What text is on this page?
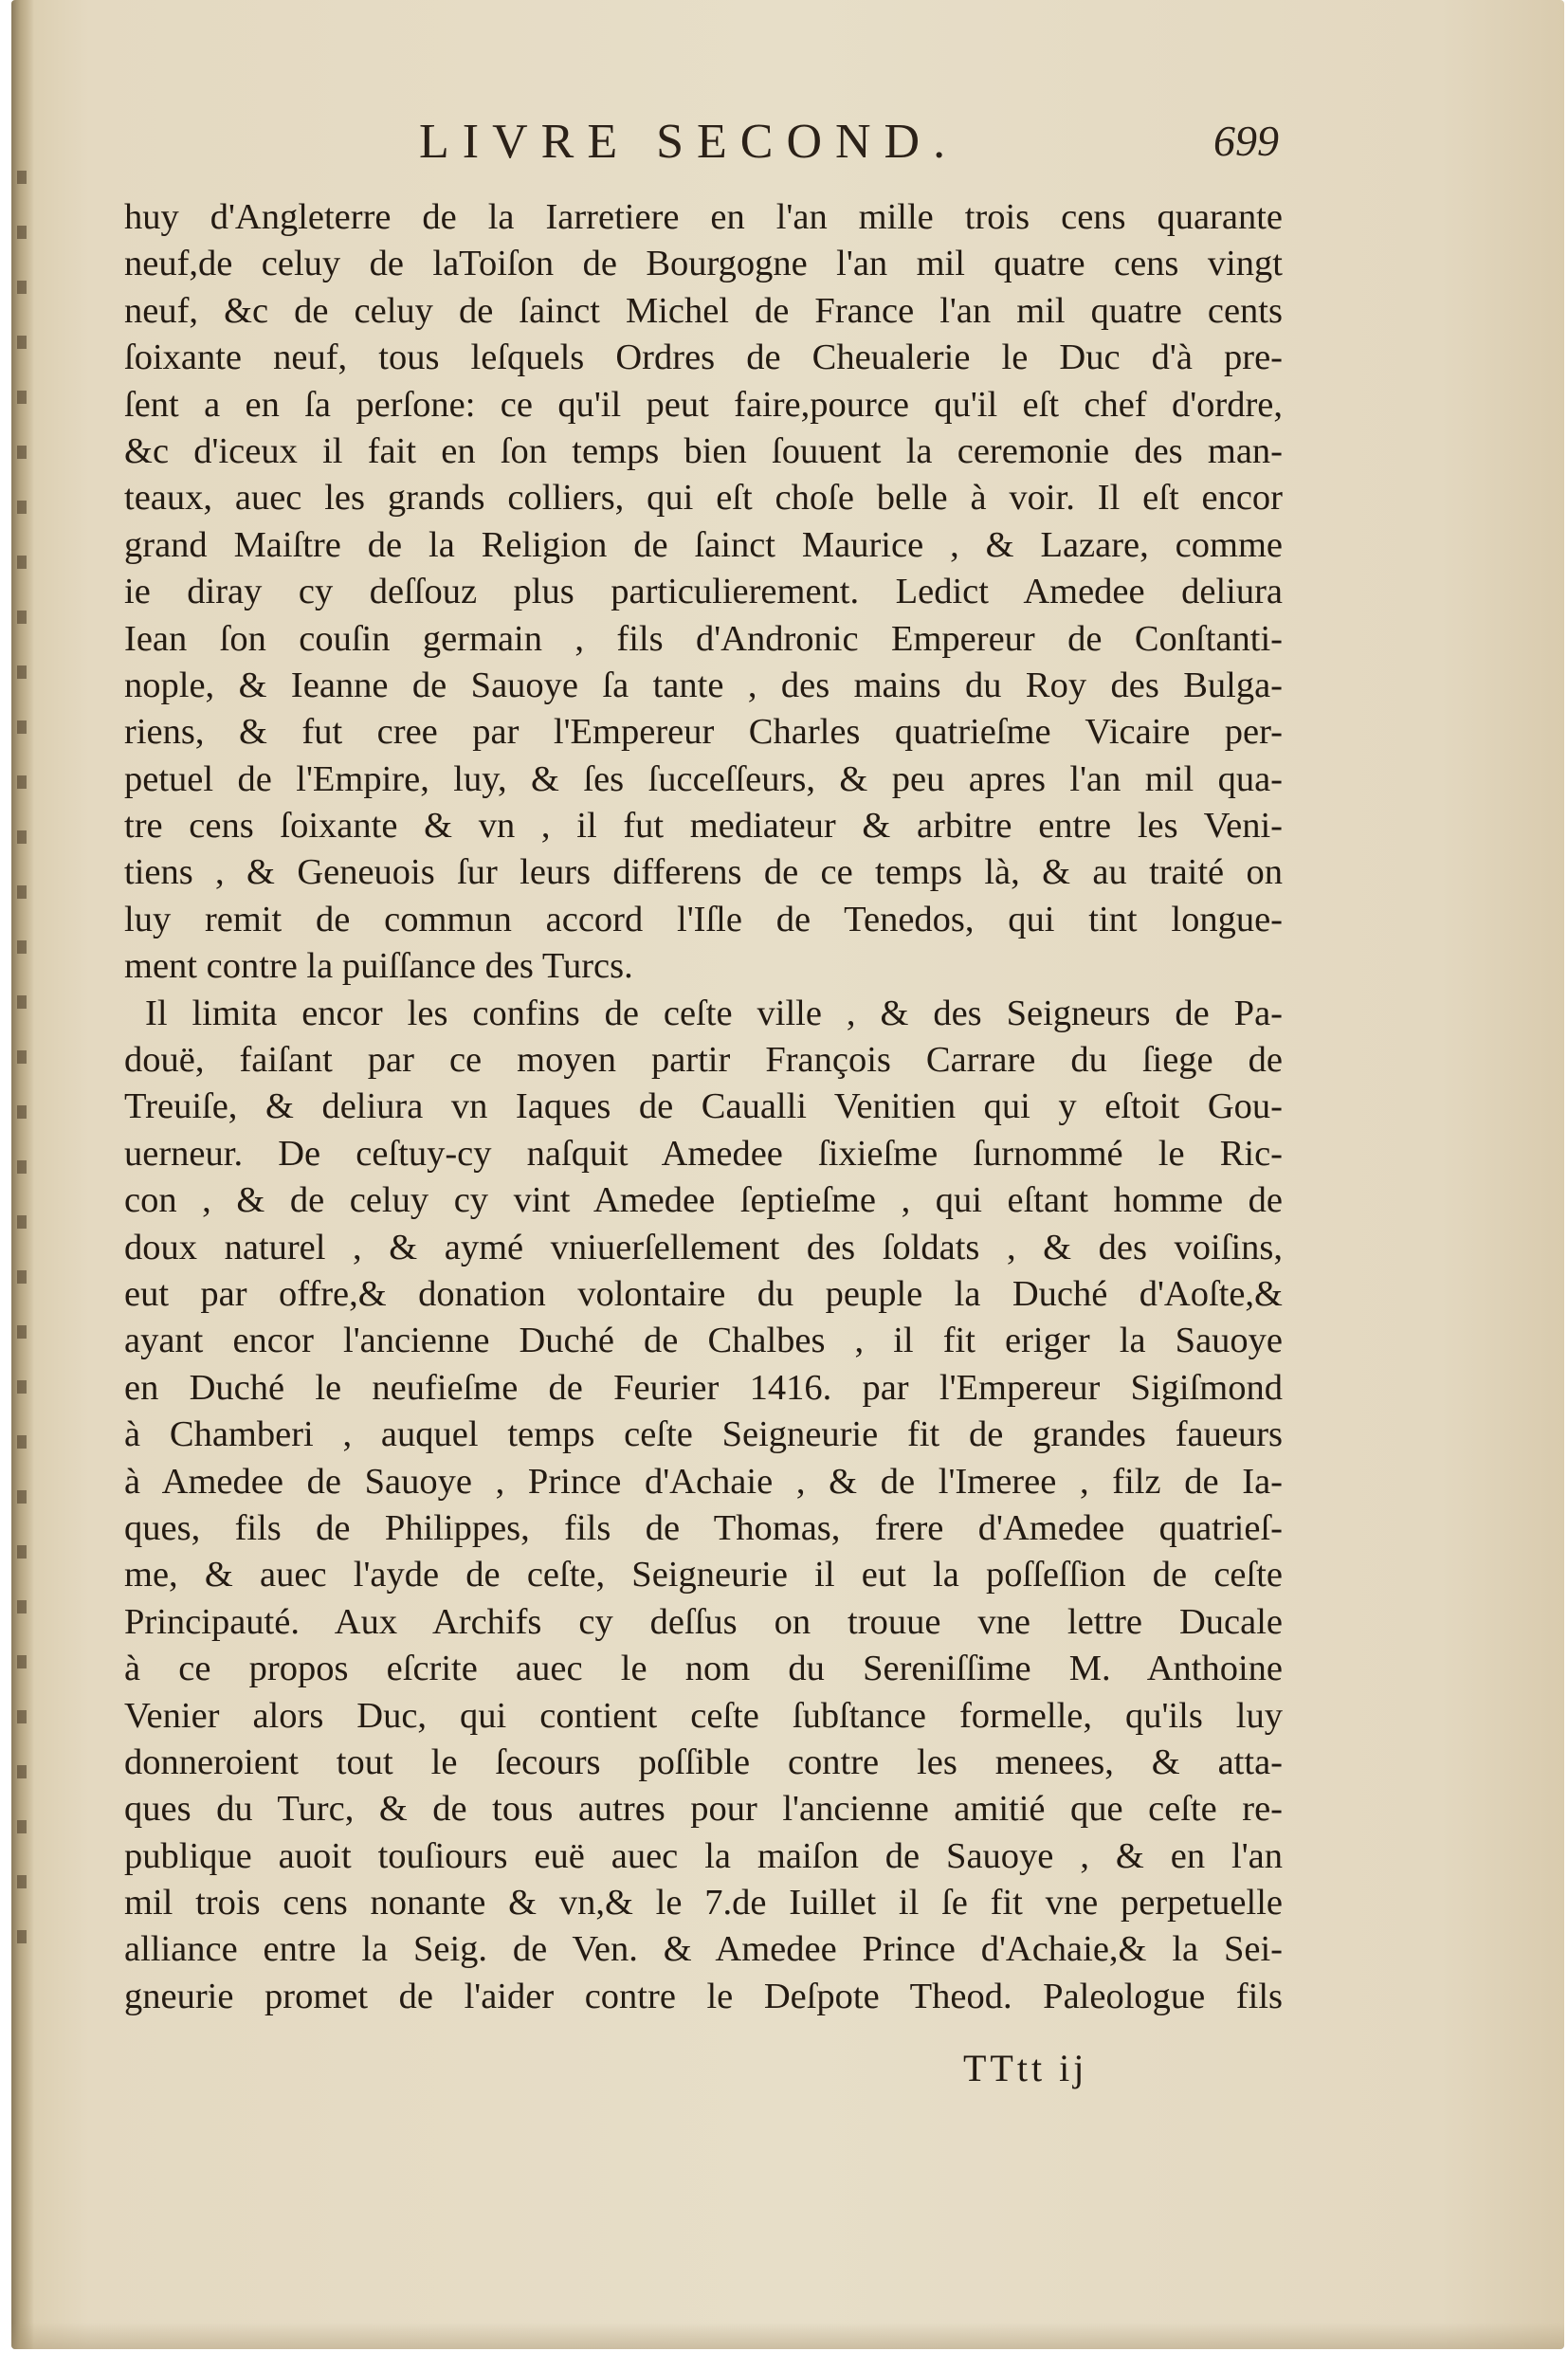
LIVRE SECOND.	699
huy d'Angleterre de la Iarretiere en l'an mille trois cens quarante
neuf,de celuy de laToiſon de Bourgogne l'an mil quatre cens vingt
neuf, &c de celuy de ſainct Michel de France l'an mil quatre cents
ſoixante neuf, tous leſquels Ordres de Cheualerie le Duc d'à pre-
ſent a en ſa perſone: ce qu'il peut faire,pource qu'il eſt chef d'ordre,
&c d'iceux il fait en ſon temps bien ſouuent la ceremonie des man-
teaux, auec les grands colliers, qui eſt choſe belle à voir. Il eſt encor
grand Maiſtre de la Religion de ſainct Maurice , & Lazare, comme
ie diray cy deſſouz plus particulierement. Ledict Amedee deliura
Iean ſon couſin germain , fils d'Andronic Empereur de Conſtanti-
nople, & Ieanne de Sauoye ſa tante , des mains du Roy des Bulga-
riens, & fut cree par l'Empereur Charles quatrieſme Vicaire per-
petuel de l'Empire, luy, & ſes ſucceſſeurs, & peu apres l'an mil qua-
tre cens ſoixante & vn , il fut mediateur & arbitre entre les Veni-
tiens , & Geneuois ſur leurs differens de ce temps là, & au traité on
luy remit de commun accord l'Iſle de Tenedos, qui tint longue-
ment contre la puiſſance des Turcs.
Il limita encor les confins de ceſte ville , & des Seigneurs de Pa-
douë, faiſant par ce moyen partir François Carrare du ſiege de
Treuiſe, & deliura vn Iaques de Caualli Venitien qui y eſtoit Gou-
uerneur. De ceſtuy-cy naſquit Amedee ſixieſme ſurnommé le Ric-
con , & de celuy cy vint Amedee ſeptieſme , qui eſtant homme de
doux naturel , & aymé vniuerſellement des ſoldats , & des voiſins,
eut par offre,& donation volontaire du peuple la Duché d'Aoſte,&
ayant encor l'ancienne Duché de Chalbes , il fit eriger la Sauoye
en Duché le neufieſme de Feurier 1416. par l'Empereur Sigiſmond
à Chamberi , auquel temps ceſte Seigneurie fit de grandes faueurs
à Amedee de Sauoye , Prince d'Achaie , & de l'Imeree , filz de Ia-
ques, fils de Philippes, fils de Thomas, frere d'Amedee quatrieſ-
me, & auec l'ayde de ceſte, Seigneurie il eut la poſſeſſion de ceſte
Principauté. Aux Archifs cy deſſus on trouue vne lettre Ducale
à ce propos eſcrite auec le nom du Sereniſſime M. Anthoine
Venier alors Duc, qui contient ceſte ſubſtance formelle, qu'ils luy
donneroient tout le ſecours poſſible contre les menees, & atta-
ques du Turc, & de tous autres pour l'ancienne amitié que ceſte re-
publique auoit touſiours euë auec la maiſon de Sauoye , & en l'an
mil trois cens nonante & vn,& le 7.de Iuillet il ſe fit vne perpetuelle
alliance entre la Seig. de Ven. & Amedee Prince d'Achaie,& la Sei-
gneurie promet de l'aider contre le Deſpote Theod. Paleologue fils
TTtt ij
